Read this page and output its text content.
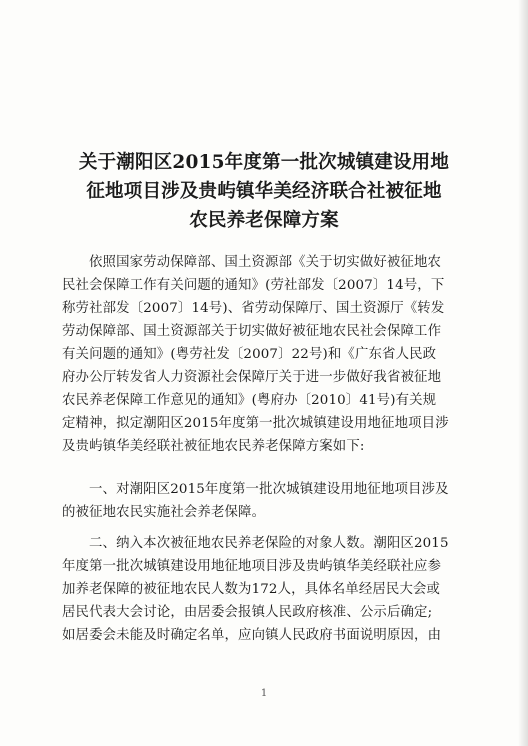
关于潮阳区2015年度第一批次城镇建设用地
征地项目涉及贵屿镇华美经济联合社被征地
农民养老保障方案
依照国家劳动保障部、国土资源部《关于切实做好被征地农
民社会保障工作有关问题的通知》(劳社部发〔2007〕14号，下
称劳社部发〔2007〕14号)、省劳动保障厅、国土资源厅《转发
劳动保障部、国土资源部关于切实做好被征地农民社会保障工作
有关问题的通知》(粤劳社发〔2007〕22号)和《广东省人民政
府办公厅转发省人力资源社会保障厅关于进一步做好我省被征地
农民养老保障工作意见的通知》(粤府办〔2010〕41号)有关规
定精神，拟定潮阳区2015年度第一批次城镇建设用地征地项目涉
及贵屿镇华美经联社被征地农民养老保障方案如下:
一、对潮阳区2015年度第一批次城镇建设用地征地项目涉及
的被征地农民实施社会养老保障。
二、纳入本次被征地农民养老保险的对象人数。潮阳区2015
年度第一批次城镇建设用地征地项目涉及贵屿镇华美经联社应参
加养老保障的被征地农民人数为172人，具体名单经居民大会或
居民代表大会讨论，由居委会报镇人民政府核准、公示后确定;
如居委会未能及时确定名单，应向镇人民政府书面说明原因，由
1
